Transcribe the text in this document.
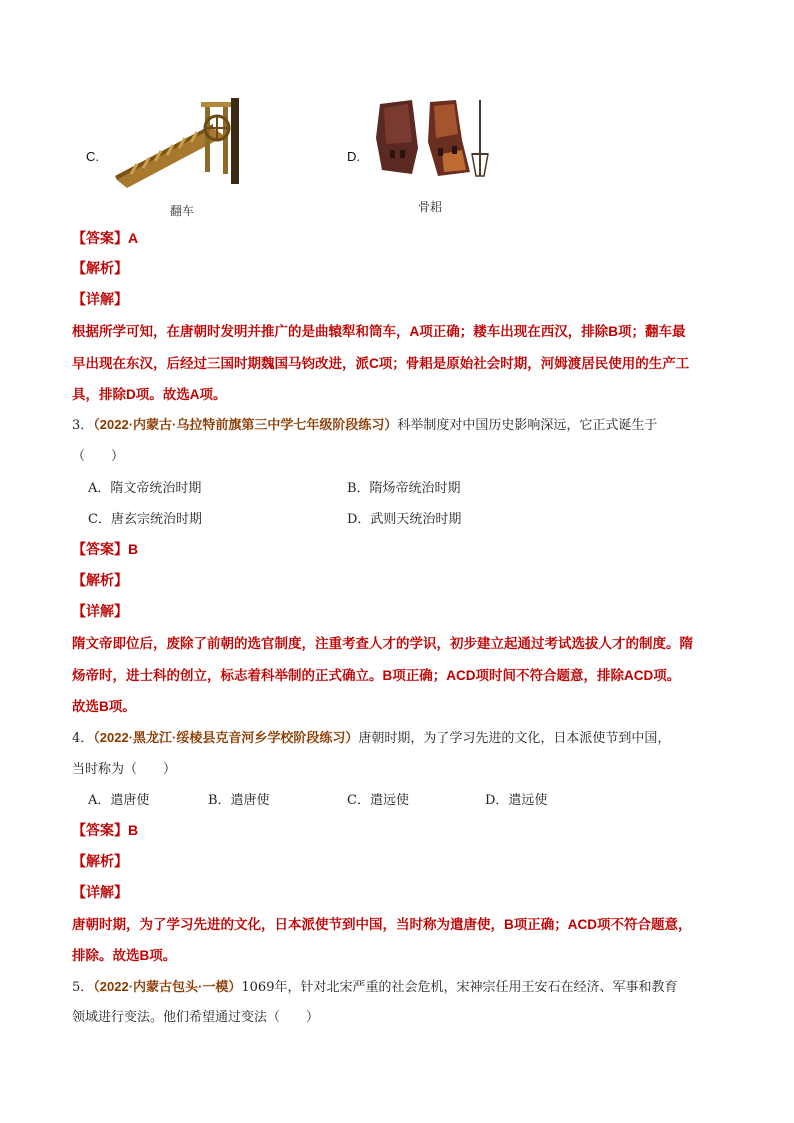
C.
翻车
D.
骨耜
【答案】A
【解析】
【详解】
根据所学可知，在唐朝时发明并推广的是曲辕犁和筒车，A项正确；耧车出现在西汉，排除B项；翻车最
早出现在东汉，后经过三国时期魏国马钧改进，派C项；骨耜是原始社会时期，河姆渡居民使用的生产工
具，排除D项。故选A项。
3．（2022·内蒙古·乌拉特前旗第三中学七年级阶段练习）科举制度对中国历史影响深远，它正式诞生于
（　　）
A．隋文帝统治时期	B．隋炀帝统治时期
C．唐玄宗统治时期	D．武则天统治时期
【答案】B
【解析】
【详解】
隋文帝即位后，废除了前朝的选官制度，注重考查人才的学识，初步建立起通过考试选拔人才的制度。隋
炀帝时，进士科的创立，标志着科举制的正式确立。B项正确；ACD项时间不符合题意，排除ACD项。
故选B项。
4．（2022·黑龙江·绥棱县克音河乡学校阶段练习）唐朝时期，为了学习先进的文化，日本派使节到中国，
当时称为（　　）
A．遣唐使	B．遣唐使	C．遣远使	D．遣远使
【答案】B
【解析】
【详解】
唐朝时期，为了学习先进的文化，日本派使节到中国，当时称为遣唐使，B项正确；ACD项不符合题意，
排除。故选B项。
5．（2022·内蒙古包头·一模）1069年，针对北宋严重的社会危机，宋神宗任用王安石在经济、军事和教育
领域进行变法。他们希望通过变法（　　）
